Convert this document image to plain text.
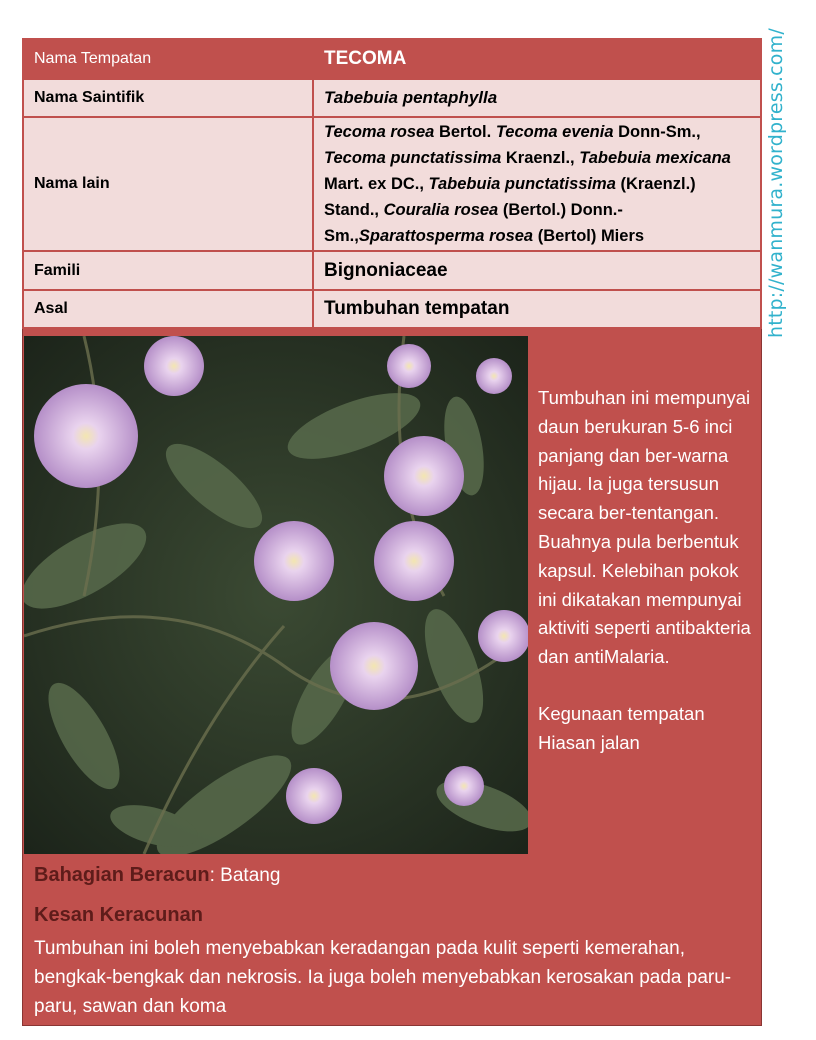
Nama Tempatan	TECOMA
Nama Saintifik	Tabebuia pentaphylla
Nama lain	Tecoma rosea Bertol. Tecoma evenia Donn-Sm., Tecoma punctatissima Kraenzl., Tabebuia mexicana Mart. ex DC., Tabebuia punctatissima (Kraenzl.) Stand., Couralia rosea (Bertol.) Donn.-Sm.,Sparattosperma rosea (Bertol) Miers

Famili	Bignoniaceae
Asal	Tumbuhan tempatan

Tumbuhan ini mempunyai daun berukuran 5-6 inci panjang dan ber-warna hijau. Ia juga tersusun secara ber-tentangan. Buahnya pula berbentuk kapsul. Kelebihan pokok ini dikatakan mempunyai aktiviti seperti antibakteria dan antiMalaria.

Kegunaan tempatan

Hiasan jalan

Bahagian Beracun: Batang
Kesan Keracunan
Tumbuhan ini boleh menyebabkan keradangan pada kulit seperti kemerahan, bengkak-bengkak dan nekrosis. Ia juga boleh menyebabkan kerosakan pada paru-paru, sawan dan koma
http://wanmura.wordpress.com/
